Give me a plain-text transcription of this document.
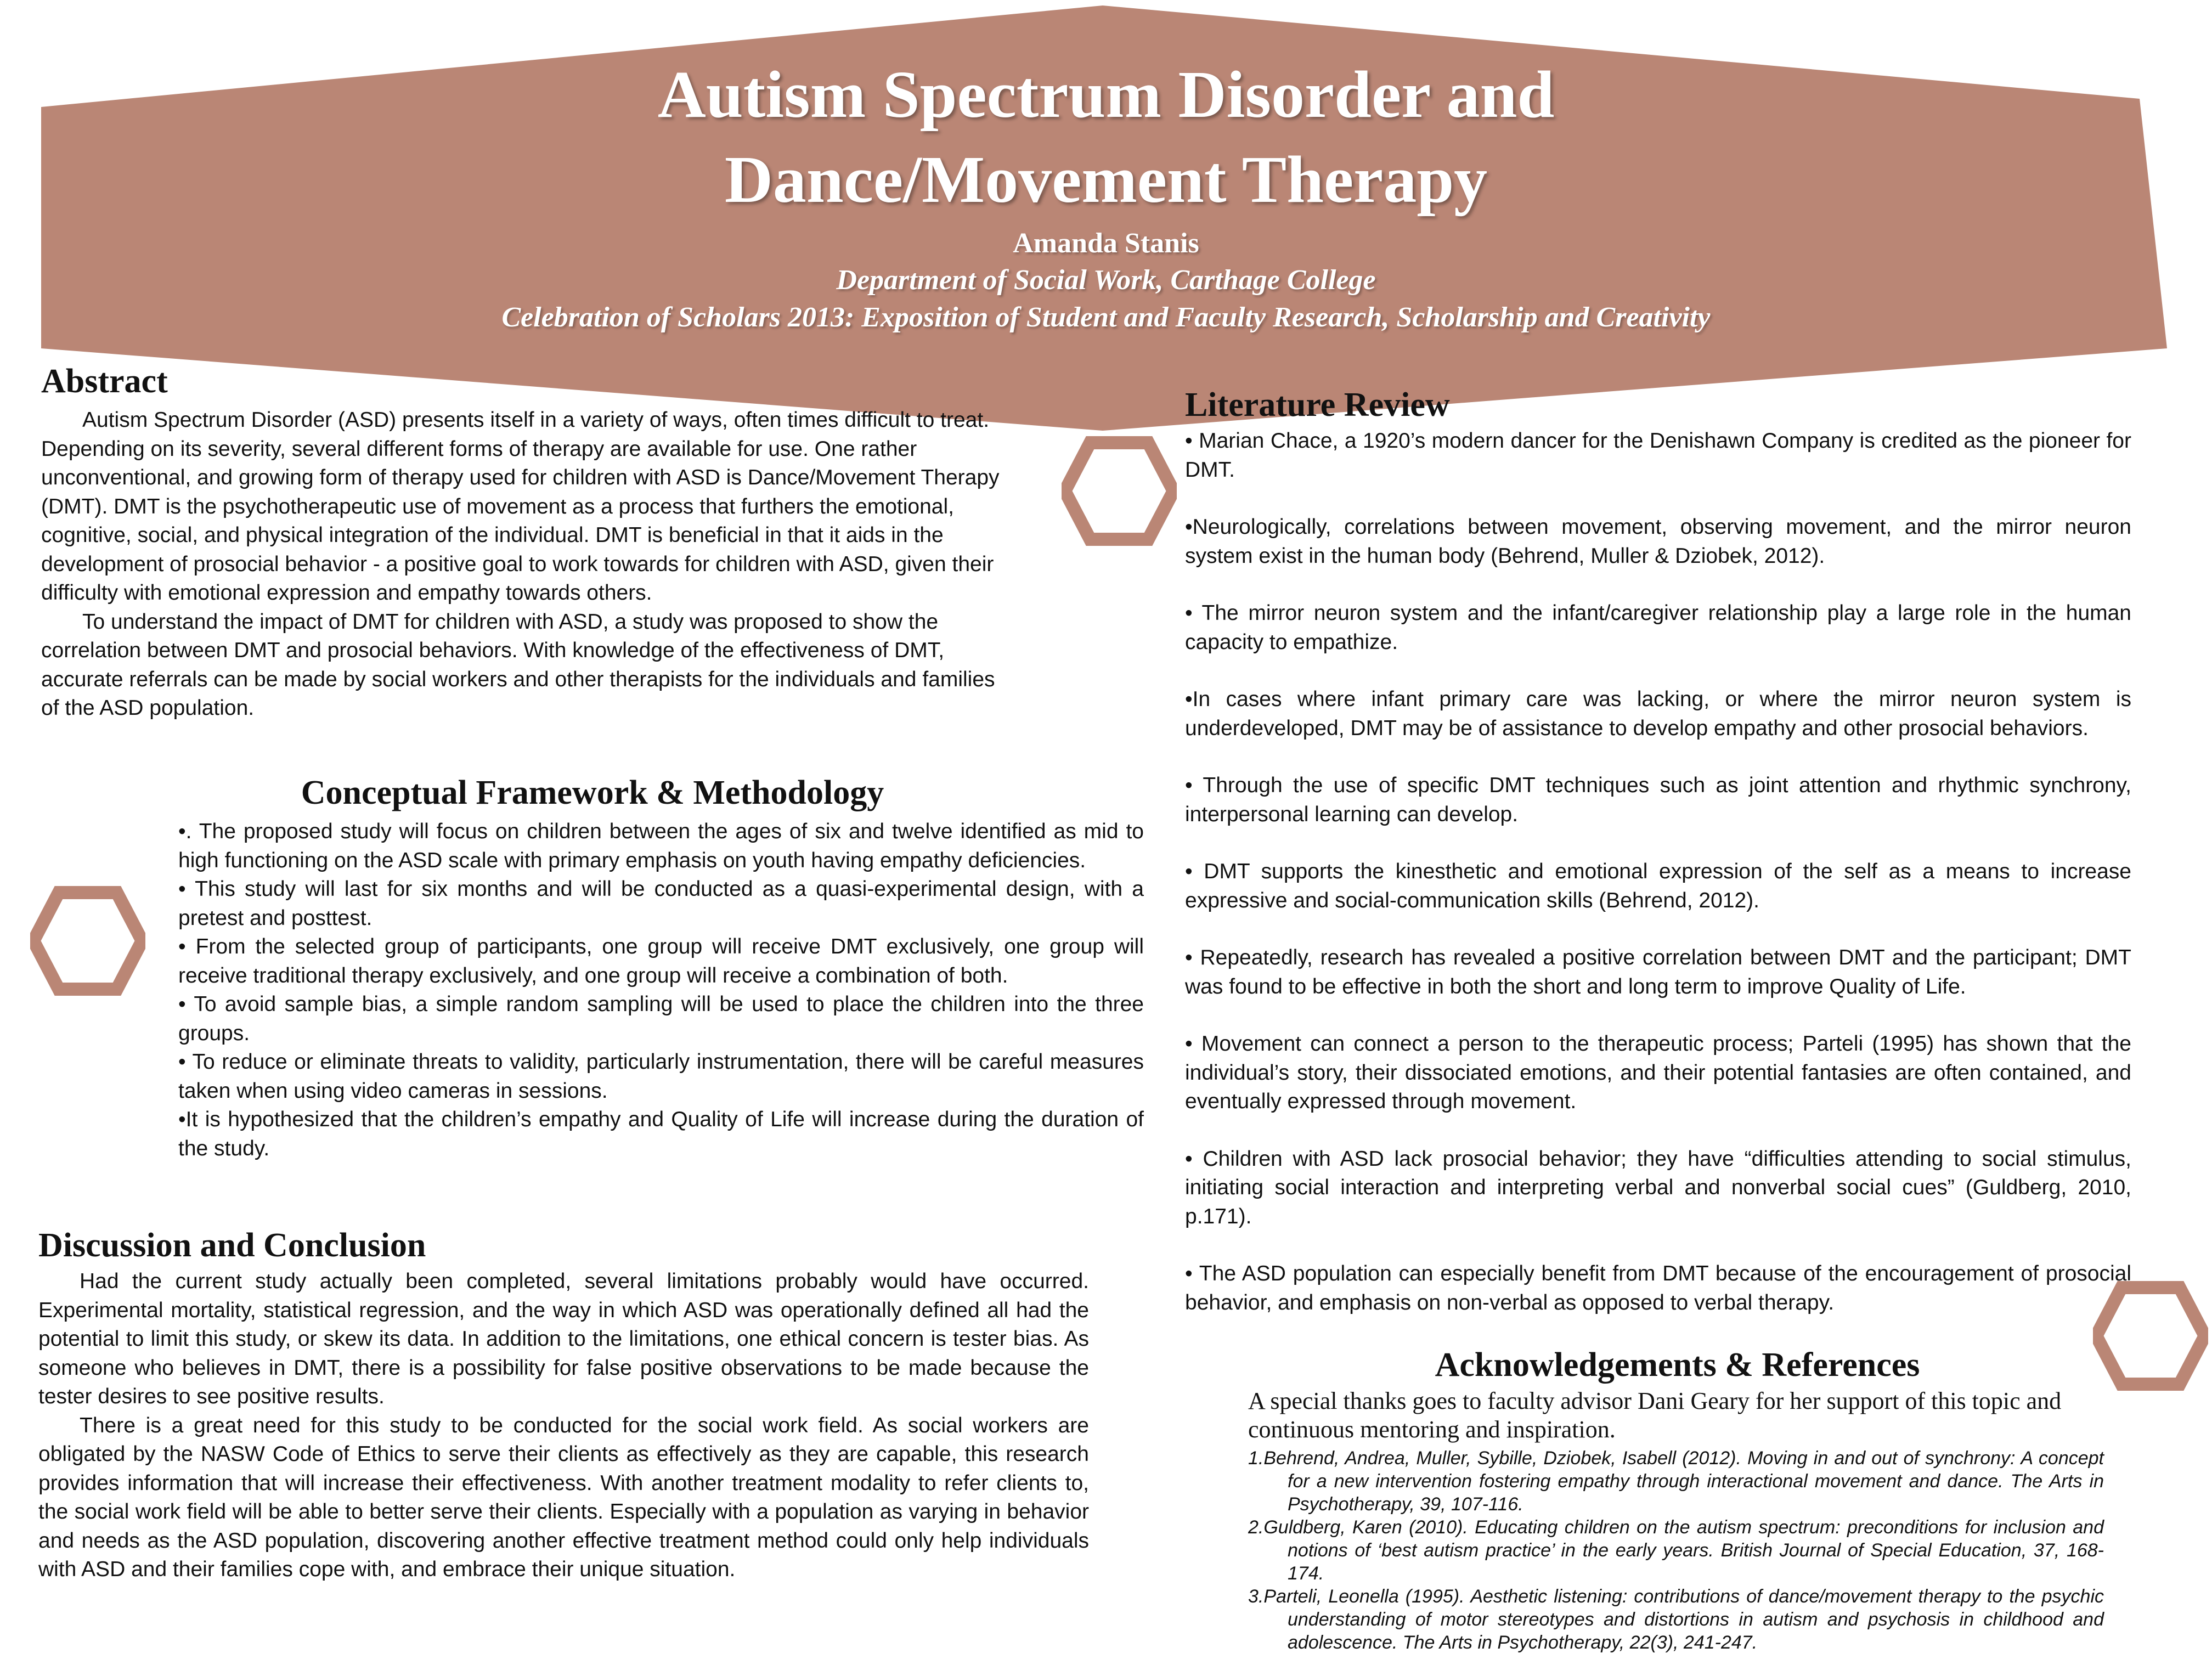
Autism Spectrum Disorder and
Dance/Movement Therapy
Amanda Stanis
Department of Social Work, Carthage College
Celebration of Scholars 2013: Exposition of Student and Faculty Research, Scholarship and Creativity
Abstract

Autism Spectrum Disorder (ASD) presents itself in a variety of ways, often times difficult to treat. Depending on its severity, several different forms of therapy are available for use. One rather unconventional, and growing form of therapy used for children with ASD is Dance/Movement Therapy (DMT). DMT is the psychotherapeutic use of movement as a process that furthers the emotional, cognitive, social, and physical integration of the individual. DMT is beneficial in that it aids in the development of prosocial behavior - a positive goal to work towards for children with ASD, given their difficulty with emotional expression and empathy towards others.

To understand the impact of DMT for children with ASD, a study was proposed to show the correlation between DMT and prosocial behaviors. With knowledge of the effectiveness of DMT, accurate referrals can be made by social workers and other therapists for the individuals and families of the ASD population.

Conceptual Framework & Methodology

•. The proposed study will focus on children between the ages of six and twelve identified as mid to high functioning on the ASD scale with primary emphasis on youth having empathy deficiencies.

• This study will last for six months and will be conducted as a quasi-experimental design, with a pretest and posttest.

• From the selected group of participants, one group will receive DMT exclusively, one group will receive traditional therapy exclusively, and one group will receive a combination of both.

• To avoid sample bias, a simple random sampling will be used to place the children into the three groups.

• To reduce or eliminate threats to validity, particularly instrumentation, there will be careful measures taken when using video cameras in sessions.

•It is hypothesized that the children’s empathy and Quality of Life will increase during the duration of the study.

Discussion and Conclusion

Had the current study actually been completed, several limitations probably would have occurred. Experimental mortality, statistical regression, and the way in which ASD was operationally defined all had the potential to limit this study, or skew its data. In addition to the limitations, one ethical concern is tester bias. As someone who believes in DMT, there is a possibility for false positive observations to be made because the tester desires to see positive results.

There is a great need for this study to be conducted for the social work field. As social workers are obligated by the NASW Code of Ethics to serve their clients as effectively as they are capable, this research provides information that will increase their effectiveness. With another treatment modality to refer clients to, the social work field will be able to better serve their clients. Especially with a population as varying in behavior and needs as the ASD population, discovering another effective treatment method could only help individuals with ASD and their families cope with, and embrace their unique situation.

Literature Review

• Marian Chace, a 1920’s modern dancer for the Denishawn Company is credited as the pioneer for DMT.

•Neurologically, correlations between movement, observing movement, and the mirror neuron system exist in the human body (Behrend, Muller & Dziobek, 2012).

• The mirror neuron system and the infant/caregiver relationship play a large role in the human capacity to empathize.

•In cases where infant primary care was lacking, or where the mirror neuron system is underdeveloped, DMT may be of assistance to develop empathy and other prosocial behaviors.

• Through the use of specific DMT techniques such as joint attention and rhythmic synchrony, interpersonal learning can develop.

• DMT supports the kinesthetic and emotional expression of the self as a means to increase expressive and social-communication skills (Behrend, 2012).

• Repeatedly, research has revealed a positive correlation between DMT and the participant; DMT was found to be effective in both the short and long term to improve Quality of Life.

• Movement can connect a person to the therapeutic process; Parteli (1995) has shown that the individual’s story, their dissociated emotions, and their potential fantasies are often contained, and eventually expressed through movement.

• Children with ASD lack prosocial behavior; they have “difficulties attending to social stimulus, initiating social interaction and interpreting verbal and nonverbal social cues” (Guldberg, 2010, p.171).

• The ASD population can especially benefit from DMT because of the encouragement of prosocial behavior, and emphasis on non-verbal as opposed to verbal therapy.

Acknowledgements & References
A special thanks goes to faculty advisor Dani Geary for her support of this topic and continuous mentoring and inspiration.

1.Behrend, Andrea, Muller, Sybille, Dziobek, Isabell (2012). Moving in and out of synchrony: A concept for a new intervention fostering empathy through interactional movement and dance. The Arts in Psychotherapy, 39, 107-116.

2.Guldberg, Karen (2010). Educating children on the autism spectrum: preconditions for inclusion and notions of ‘best autism practice’ in the early years. British Journal of Special Education, 37, 168-174.

3.Parteli, Leonella (1995). Aesthetic listening: contributions of dance/movement therapy to the psychic understanding of motor stereotypes and distortions in autism and psychosis in childhood and adolescence. The Arts in Psychotherapy, 22(3), 241-247.
